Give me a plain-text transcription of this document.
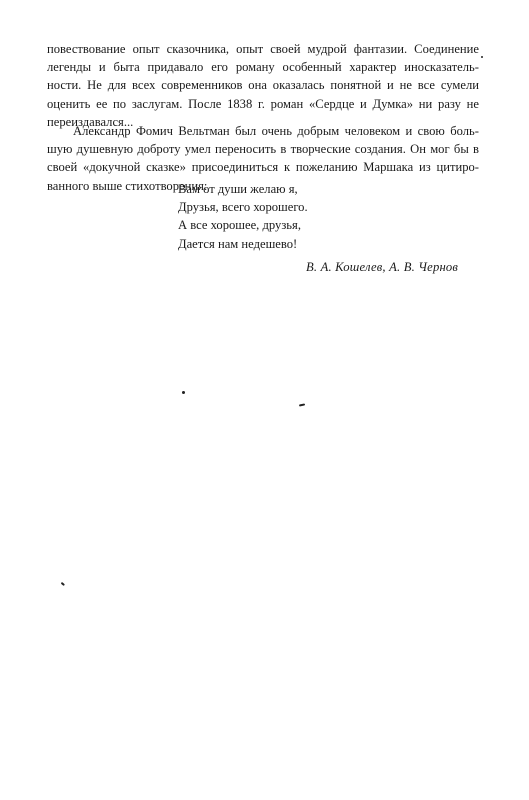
повествование опыт сказочника, опыт своей мудрой фантазии. Соединение
легенды и быта придавало его роману особенный характер иносказатель-
ности. Не для всех современников она оказалась понятной и не все сумели
оценить ее по заслугам. После 1838 г. роман «Сердце и Думка» ни разу не
переиздавался...
Александр Фомич Вельтман был очень добрым человеком и свою боль-
шую душевную доброту умел переносить в творческие создания. Он мог бы в
своей «докучной сказке» присоединиться к пожеланию Маршака из цитиро-
ванного выше стихотворения:
Вам от души желаю я,
Друзья, всего хорошего.
А все хорошее, друзья,
Дается нам недешево!
В. А. Кошелев, А. В. Чернов
